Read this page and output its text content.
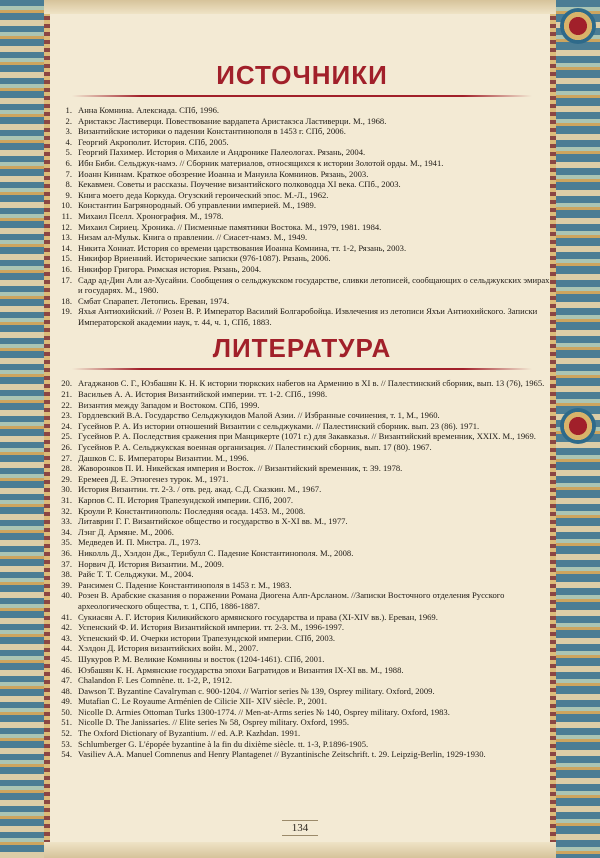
ИСТОЧНИКИ
1. Анна Комнина. Алексиада. СПб, 1996.
2. Аристакэс Ластиверци. Повествование вардапета Аристакэса Ластиверци. М., 1968.
3. Византийские историки о падении Константинополя в 1453 г. СПб, 2006.
4. Георгий Акрополит. История. СПб, 2005.
5. Георгий Пахимер. История о Михаиле и Андронике Палеологах. Рязань, 2004.
6. Ибн Биби. Сельджук-намэ. // Сборник материалов, относящихся к истории Золотой орды. М., 1941.
7. Иоанн Киннам. Краткое обозрение Иоанна и Мануила Комнинов. Рязань, 2003.
8. Кекавмен. Советы и рассказы. Поучение византийского полководца XI века. СПб., 2003.
9. Книга моего деда Коркуда. Огузский героический эпос. М.-Л., 1962.
10. Константин Багрянородный. Об управлении империей. М., 1989.
11. Михаил Пселл. Хронография. М., 1978.
12. Михаил Сириец. Хроника. // Писменные памятники Востока. М., 1979, 1981. 1984.
13. Низам ал-Мульк. Книга о правлении. // Сиасет-намэ. М., 1949.
14. Никита Хониат. История со времени царствования Иоанна Комнина, тт. 1-2, Рязань, 2003.
15. Никифор Вриенний. Исторические записки (976-1087). Рязань, 2006.
16. Никифор Григора. Римская история. Рязань, 2004.
17. Садр ад-Дин Али ал-Хусайни. Сообщения о сельджукском государстве, сливки летописей, сообщающих о сельджукских эмирах и государях. М., 1980.
18. Смбат Спарапет. Летопись. Ереван, 1974.
19. Яхья Антиохийский. // Розен В. Р. Император Василий Болгаробойца. Извлечения из летописи Яхъи Антиохийского. Записки Императорской академии наук, т. 44, ч. 1, СПб, 1883.
ЛИТЕРАТУРА
20. Агаджанов С. Г., Юзбашян К. Н. К истории тюркских набегов на Армению в XI в. // Палестинский сборник, вып. 13 (76), 1965.
21. Васильев А. А. История Византийской империи. тт. 1-2. СПб., 1998.
22. Византия между Западом и Востоком. СПб, 1999.
23. Гордлевский В.А. Государство Сельджукидов Малой Азии. // Избранные сочинения, т. 1, М., 1960.
24. Гусейнов Р. А. Из истории отношений Византии с сельджуками. // Палестинский сборник. вып. 23 (86). 1971.
25. Гусейнов Р. А. Последствия сражения при Манцикерте (1071 г.) для Закавказья. // Византийский временник, XXIX. М., 1969.
26. Гусейнов Р. А. Сельджукская военная организация. // Палестинский сборник, вып. 17 (80). 1967.
27. Дашков С. Б. Императоры Византии. М., 1996.
28. Жаворонков П. И. Никейская империя и Восток. // Византийский временник, т. 39. 1978.
29. Еремеев Д. Е. Этногенез турок. М., 1971.
30. История Византии. тт. 2-3. / отв. ред. акад. С.Д. Сказкин. М., 1967.
31. Карпов С. П. История Трапезундской империи. СПб, 2007.
32. Кроули Р. Константинополь: Последняя осада. 1453. М., 2008.
33. Литаврин Г. Г. Византийское общество и государство в X-XI вв. М., 1977.
34. Лэнг Д. Армяне. М., 2006.
35. Медведев И. П. Мистра. Л., 1973.
36. Николль Д., Хэлдон Дж., Тернбулл С. Падение Константинополя. М., 2008.
37. Норвич Д. История Византии. М., 2009.
38. Райс Т. Т. Сельджуки. М., 2004.
39. Рансимен С. Падение Константинополя в 1453 г. М., 1983.
40. Розен В. Арабские сказания о поражении Романа Диогена Алп-Арсланом. //Записки Восточного отделения Русского археологического общества, т. 1, СПб, 1886-1887.
41. Сукиасян А. Г. История Киликийского армянского государства и права (XI-XIV вв.). Ереван, 1969.
42. Успенский Ф. И. История Византийской империи. тт. 2-3. М., 1996-1997.
43. Успенский Ф. И. Очерки истории Трапезундской империи. СПб, 2003.
44. Хэлдон Д. История византийских войн. М., 2007.
45. Шукуров Р. М. Великие Комнины и восток (1204-1461). СПб, 2001.
46. Юзбашян К. Н. Армянские государства эпохи Багратидов и Византия IX-XI вв. М., 1988.
47. Chalandon F. Les Comnène. tt. 1-2, P., 1912.
48. Dawson T. Byzantine Cavalryman c. 900-1204. // Warrior series № 139, Osprey military. Oxford, 2009.
49. Mutafian C. Le Royaume Arménien de Cilicie XII- XIV siècle. P., 2001.
50. Nicolle D. Armies Ottoman Turks 1300-1774. // Men-at-Arms series № 140, Osprey military. Oxford, 1983.
51. Nicolle D. The Janissaries. // Elite series № 58, Osprey military. Oxford, 1995.
52. The Oxford Dictionary of Byzantium. // ed. A.P. Kazhdan. 1991.
53. Schlumberger G. L'épopée byzantine à la fin du dixième siècle. tt. 1-3, P.1896-1905.
54. Vasiliev A.A. Manuel Comnenus and Henry Plantagenet // Byzantinische Zeitschrift. t. 29. Leipzig-Berlin, 1929-1930.
134
